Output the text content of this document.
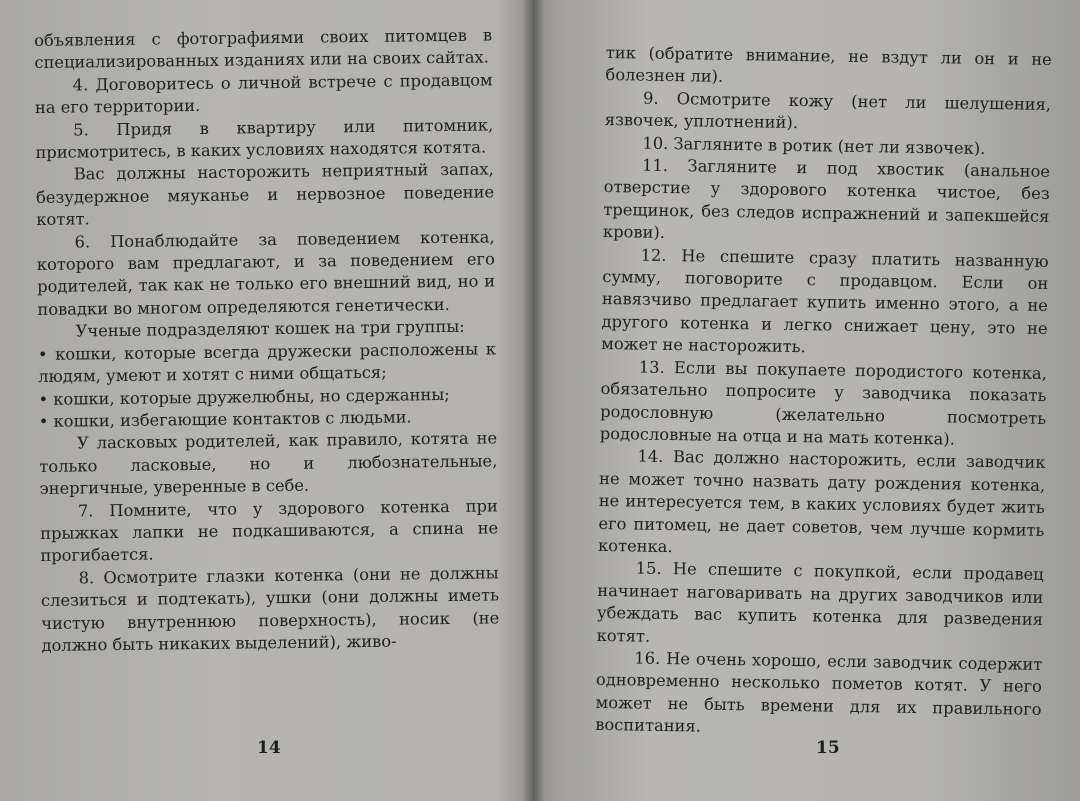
объявления с фотографиями своих питомцев в специализированных изданиях или на своих сайтах.

4. Договоритесь о личной встрече с продавцом на его территории.

5. Придя в квартиру или питомник, присмотритесь, в каких условиях находятся котята.

Вас должны насторожить неприятный запах, безудержное мяуканье и нервозное поведение котят.

6. Понаблюдайте за поведением котенка, которого вам предлагают, и за поведением его родителей, так как не только его внешний вид, но и повадки во многом определяются генетически.

Ученые подразделяют кошек на три группы:

• кошки, которые всегда дружески расположены к людям, умеют и хотят с ними общаться;

• кошки, которые дружелюбны, но сдержанны;

• кошки, избегающие контактов с людьми.

У ласковых родителей, как правило, котята не только ласковые, но и любознательные, энергичные, уверенные в себе.

7. Помните, что у здорового котенка при прыжках лапки не подкашиваются, а спина не прогибается.

8. Осмотрите глазки котенка (они не должны слезиться и подтекать), ушки (они должны иметь чистую внутреннюю поверхность), носик (не должно быть никаких выделений), живо-

14

тик (обратите внимание, не вздут ли он и не болезнен ли).

9. Осмотрите кожу (нет ли шелушения, язвочек, уплотнений).

10. Загляните в ротик (нет ли язвочек).

11. Загляните и под хвостик (анальное отверстие у здорового котенка чистое, без трещинок, без следов испражнений и запекшейся крови).

12. Не спешите сразу платить названную сумму, поговорите с продавцом. Если он навязчиво предлагает купить именно этого, а не другого котенка и легко снижает цену, это не может не насторожить.

13. Если вы покупаете породистого котенка, обязательно попросите у заводчика показать родословную (желательно посмотреть родословные на отца и на мать котенка).

14. Вас должно насторожить, если заводчик не может точно назвать дату рождения котенка, не интересуется тем, в каких условиях будет жить его питомец, не дает советов, чем лучше кормить котенка.

15. Не спешите с покупкой, если продавец начинает наговаривать на других заводчиков или убеждать вас купить котенка для разведения котят.

16. Не очень хорошо, если заводчик содержит одновременно несколько пометов котят. У него может не быть времени для их правильного воспитания.

15
